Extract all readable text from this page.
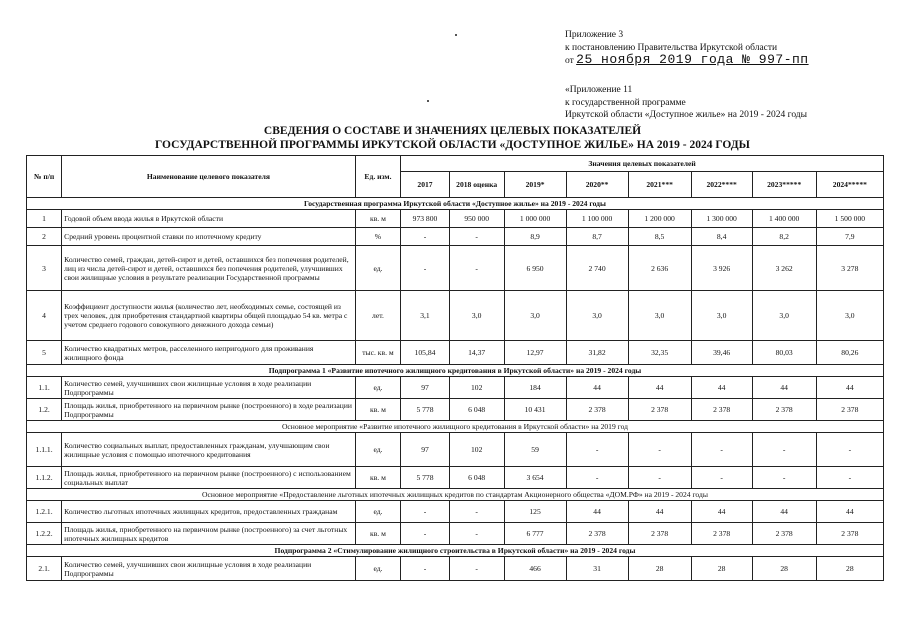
Приложение 3
к постановлению Правительства Иркутской области
от 25 ноября 2019 года № 997-пп
«Приложение 11
к государственной программе
Иркутской области «Доступное жилье» на 2019 - 2024 годы
СВЕДЕНИЯ О СОСТАВЕ И ЗНАЧЕНИЯХ ЦЕЛЕВЫХ ПОКАЗАТЕЛЕЙ
ГОСУДАРСТВЕННОЙ ПРОГРАММЫ ИРКУТСКОЙ ОБЛАСТИ «ДОСТУПНОЕ ЖИЛЬЕ» НА 2019 - 2024 ГОДЫ
№ п/п	Наименование целевого показателя	Ед. изм.	Значения целевых показателей							
			2017	2018 оценка	2019*	2020**	2021***	2022****	2023*****	2024*****
Государственная программа Иркутской области «Доступное жилье» на 2019 - 2024 годы										
1	Годовой объем ввода жилья в Иркутской области	кв. м	973 800	950 000	1 000 000	1 100 000	1 200 000	1 300 000	1 400 000	1 500 000
2	Средний уровень процентной ставки по ипотечному кредиту	%	-	-	8,9	8,7	8,5	8,4	8,2	7,9
3	Количество семей, граждан, детей-сирот и детей, оставшихся без попечения родителей, лиц из числа детей-сирот и детей, оставшихся без попечения родителей, улучшивших свои жилищные условия в результате реализации Государственной программы	ед.	-	-	6 950	2 740	2 636	3 926	3 262	3 278
4	Коэффициент доступности жилья (количество лет, необходимых семье, состоящей из трех человек, для приобретения стандартной квартиры общей площадью 54 кв. метра с учетом среднего годового совокупного денежного дохода семьи)	лет.	3,1	3,0	3,0	3,0	3,0	3,0	3,0	3,0
5	Количество квадратных метров, расселенного непригодного для проживания жилищного фонда	тыс. кв. м	105,84	14,37	12,97	31,82	32,35	39,46	80,03	80,26
Подпрограмма 1 «Развитие ипотечного жилищного кредитования в Иркутской области» на 2019 - 2024 годы										
1.1.	Количество семей, улучшивших свои жилищные условия в ходе реализации Подпрограммы	ед.	97	102	184	44	44	44	44	44
1.2.	Площадь жилья, приобретенного на первичном рынке (построенного) в ходе реализации Подпрограммы	кв. м	5 778	6 048	10 431	2 378	2 378	2 378	2 378	2 378
Основное мероприятие «Развитие ипотечного жилищного кредитования в Иркутской области» на 2019 год										
1.1.1.	Количество социальных выплат, предоставленных гражданам, улучшающим свои жилищные условия с помощью ипотечного кредитования	ед.	97	102	59	-	-	-	-	-
1.1.2.	Площадь жилья, приобретенного на первичном рынке (построенного) с использованием социальных выплат	кв. м	5 778	6 048	3 654	-	-	-	-	-
Основное мероприятие «Предоставление льготных ипотечных жилищных кредитов по стандартам Акционерного общества «ДОМ.РФ» на 2019 - 2024 годы										
1.2.1.	Количество льготных ипотечных жилищных кредитов, предоставленных гражданам	ед.	-	-	125	44	44	44	44	44
1.2.2.	Площадь жилья, приобретенного на первичном рынке (построенного) за счет льготных ипотечных жилищных кредитов	кв. м	-	-	6 777	2 378	2 378	2 378	2 378	2 378
Подпрограмма 2 «Стимулирование жилищного строительства в Иркутской области» на 2019 - 2024 годы										
2.1.	Количество семей, улучшивших свои жилищные условия в ходе реализации Подпрограммы	ед.	-	-	466	31	28	28	28	28
